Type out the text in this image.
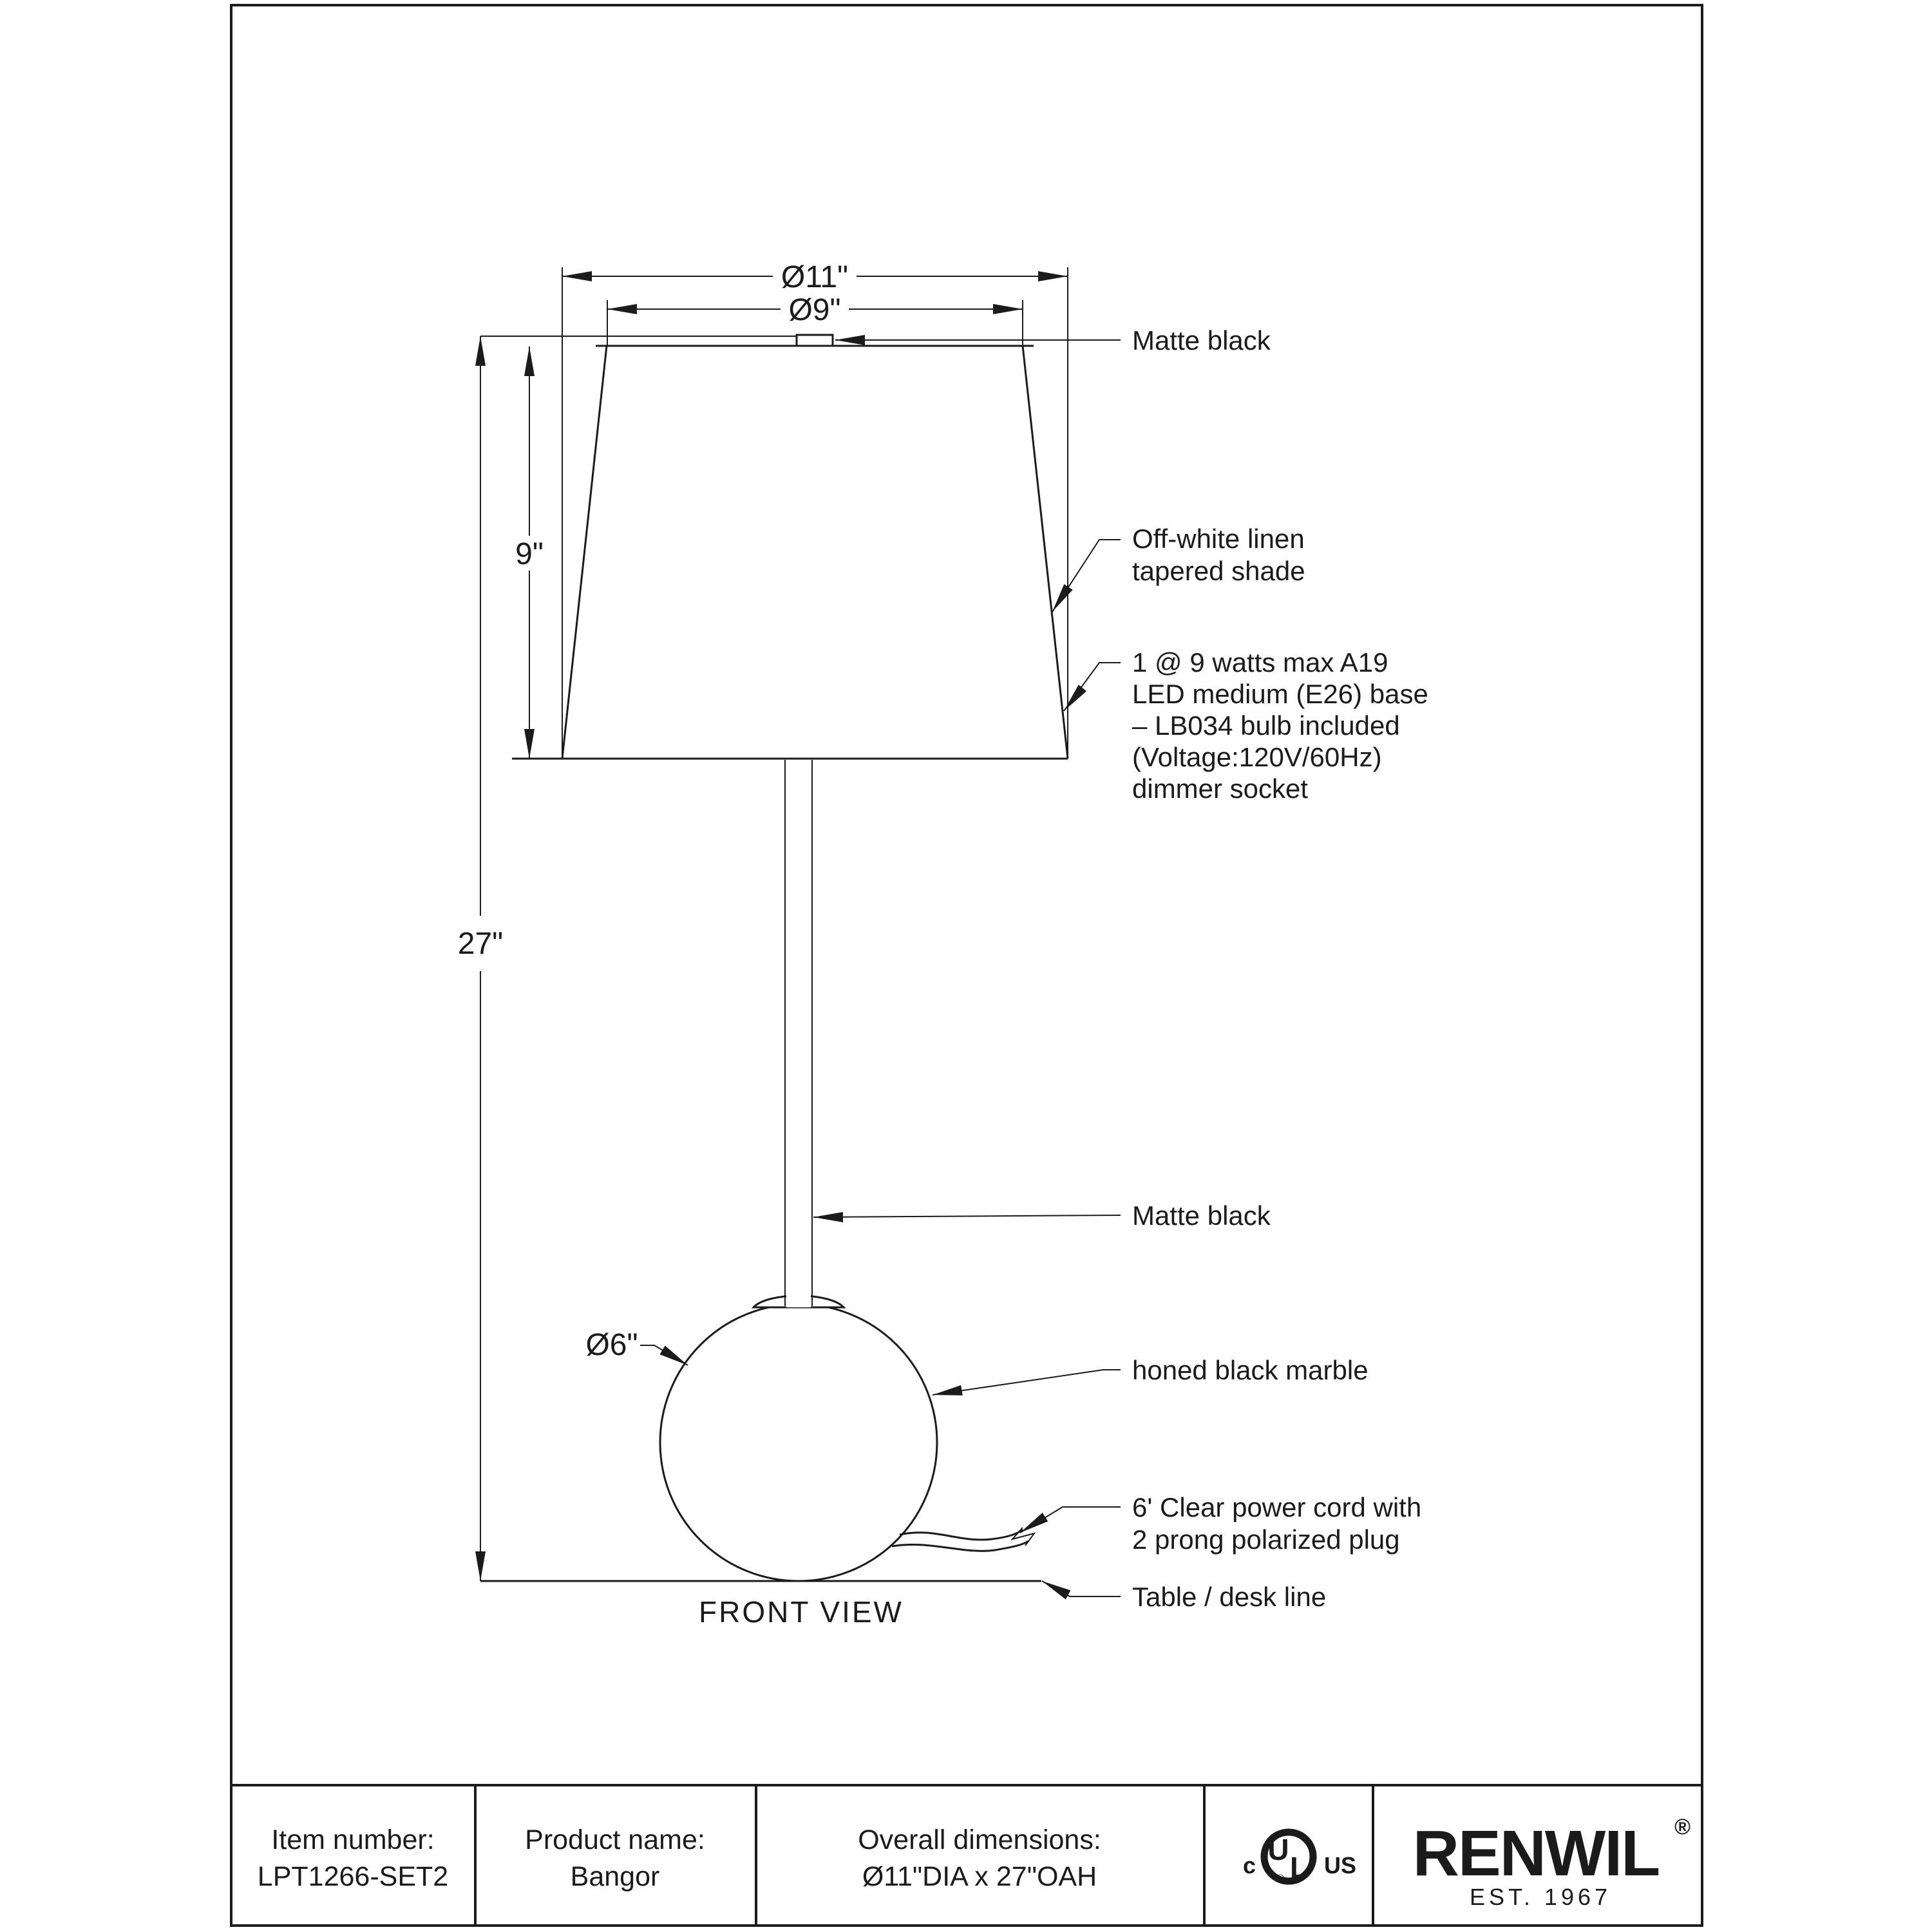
Ø11"
Ø9"
27"
9"
Ø6"
Matte black
Off-white linen
tapered shade
1 @ 9 watts max A19
LED medium (E26) base
– LB034 bulb included
(Voltage:120V/60Hz)
dimmer socket
Matte black
honed black marble
6' Clear power cord with
2 prong polarized plug
Table / desk line
FRONT VIEW
Item number:
LPT1266-SET2
Product name:
Bangor
Overall dimensions:
Ø11"DIA x 27"OAH
U
L
®
c	US RENWIL ®
EST. 1967
